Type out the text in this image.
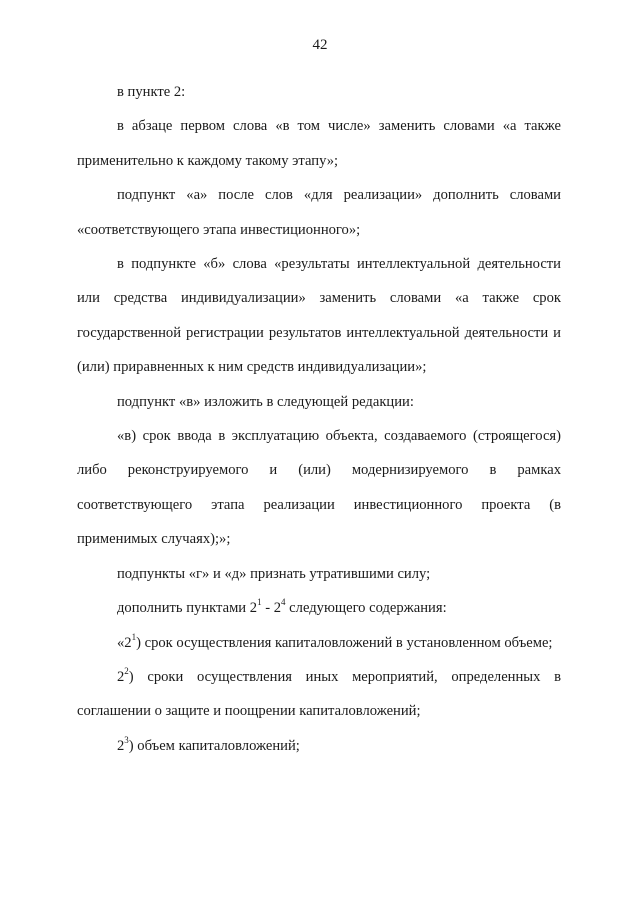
42

в пункте 2:

в абзаце первом слова «в том числе» заменить словами «а также применительно к каждому такому этапу»;

подпункт «а» после слов «для реализации» дополнить словами «соответствующего этапа инвестиционного»;

в подпункте «б» слова «результаты интеллектуальной деятельности или средства индивидуализации» заменить словами «а также срок государственной регистрации результатов интеллектуальной деятельности и (или) приравненных к ним средств индивидуализации»;

подпункт «в» изложить в следующей редакции:

«в) срок ввода в эксплуатацию объекта, создаваемого (строящегося) либо реконструируемого и (или) модернизируемого в рамках соответствующего этапа реализации инвестиционного проекта (в применимых случаях);»;

подпункты «г» и «д» признать утратившими силу;

дополнить пунктами $2^1 - 2^4$ следующего содержания:

«$2^1$) срок осуществления капиталовложений в установленном объеме;

$2^2$) сроки осуществления иных мероприятий, определенных в соглашении о защите и поощрении капиталовложений;

$2^3$) объем капиталовложений;
